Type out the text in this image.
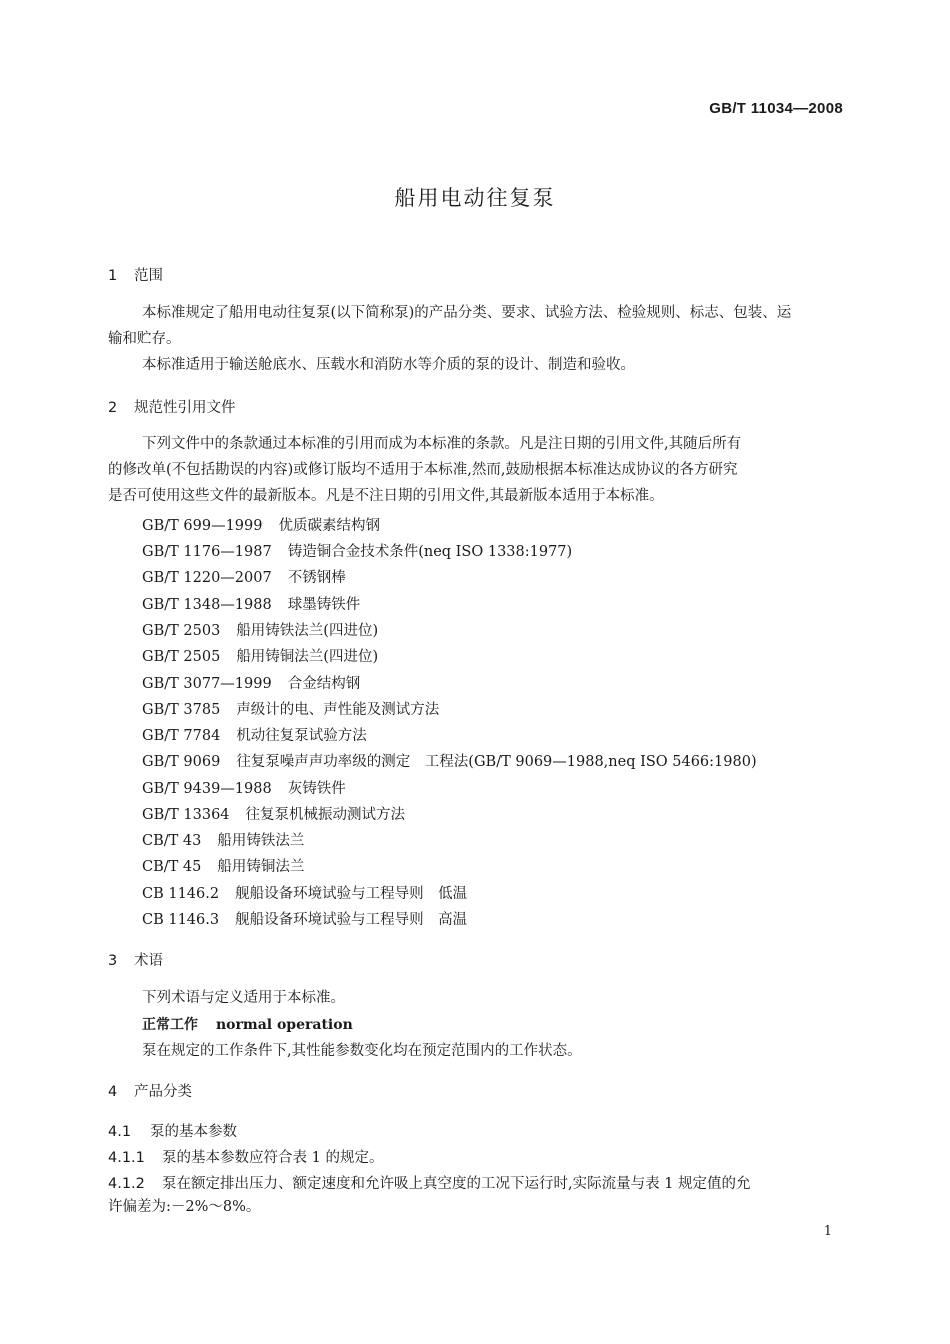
GB/T 11034—2008
船用电动往复泵
1 范围
本标准规定了船用电动往复泵(以下简称泵)的产品分类、要求、试验方法、检验规则、标志、包装、运
输和贮存。
本标准适用于输送舱底水、压载水和消防水等介质的泵的设计、制造和验收。
2 规范性引用文件
下列文件中的条款通过本标准的引用而成为本标准的条款。凡是注日期的引用文件,其随后所有
的修改单(不包括勘误的内容)或修订版均不适用于本标准,然而,鼓励根据本标准达成协议的各方研究
是否可使用这些文件的最新版本。凡是不注日期的引用文件,其最新版本适用于本标准。
GB/T 699—1999 优质碳素结构钢
GB/T 1176—1987 铸造铜合金技术条件(neq ISO 1338:1977)
GB/T 1220—2007 不锈钢棒
GB/T 1348—1988 球墨铸铁件
GB/T 2503 船用铸铁法兰(四进位)
GB/T 2505 船用铸铜法兰(四进位)
GB/T 3077—1999 合金结构钢
GB/T 3785 声级计的电、声性能及测试方法
GB/T 7784 机动往复泵试验方法
GB/T 9069 往复泵噪声声功率级的测定　工程法(GB/T 9069—1988,neq ISO 5466:1980)
GB/T 9439—1988 灰铸铁件
GB/T 13364 往复泵机械振动测试方法
CB/T 43 船用铸铁法兰
CB/T 45 船用铸铜法兰
CB 1146.2 舰船设备环境试验与工程导则　低温
CB 1146.3 舰船设备环境试验与工程导则　高温
3 术语
下列术语与定义适用于本标准。
正常工作 normal operation
泵在规定的工作条件下,其性能参数变化均在预定范围内的工作状态。
4 产品分类
4.1 泵的基本参数
4.1.1 泵的基本参数应符合表 1 的规定。
4.1.2 泵在额定排出压力、额定速度和允许吸上真空度的工况下运行时,实际流量与表 1 规定值的允
许偏差为:－2%～8%。
1
